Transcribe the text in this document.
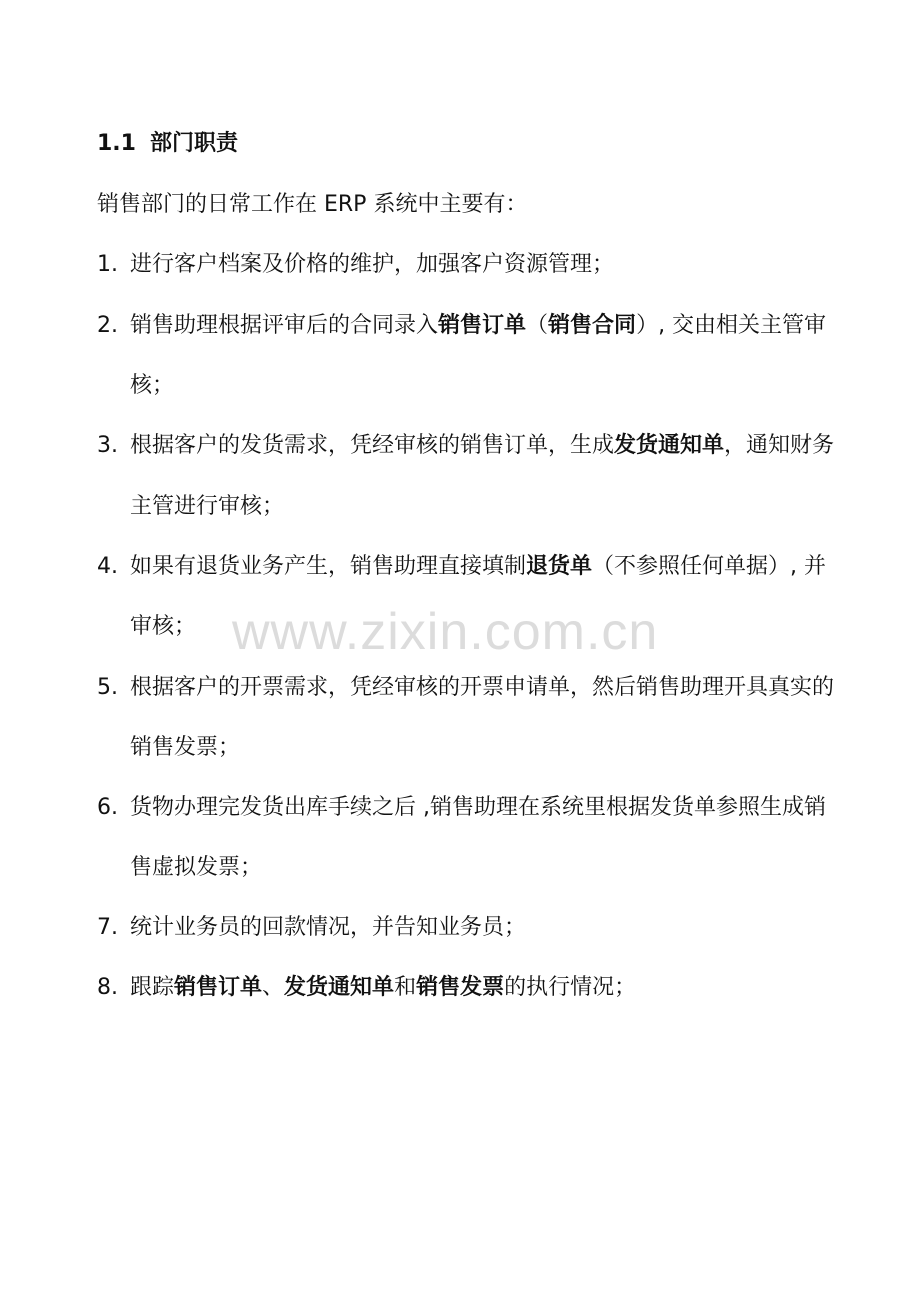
1.1 部门职责
销售部门的日常工作在 ERP 系统中主要有：
1. 进行客户档案及价格的维护，加强客户资源管理；
2. 销售助理根据评审后的合同录入销售订单（销售合同）, 交由相关主管审
核；
3. 根据客户的发货需求，凭经审核的销售订单，生成发货通知单，通知财务
主管进行审核；
4. 如果有退货业务产生，销售助理直接填制退货单（不参照任何单据）, 并
审核；
5. 根据客户的开票需求，凭经审核的开票申请单，然后销售助理开具真实的
销售发票；
6. 货物办理完发货出库手续之后 ,销售助理在系统里根据发货单参照生成销
售虚拟发票；
7. 统计业务员的回款情况，并告知业务员；
8. 跟踪销售订单、发货通知单和销售发票的执行情况；
www.zixin.com.cn
